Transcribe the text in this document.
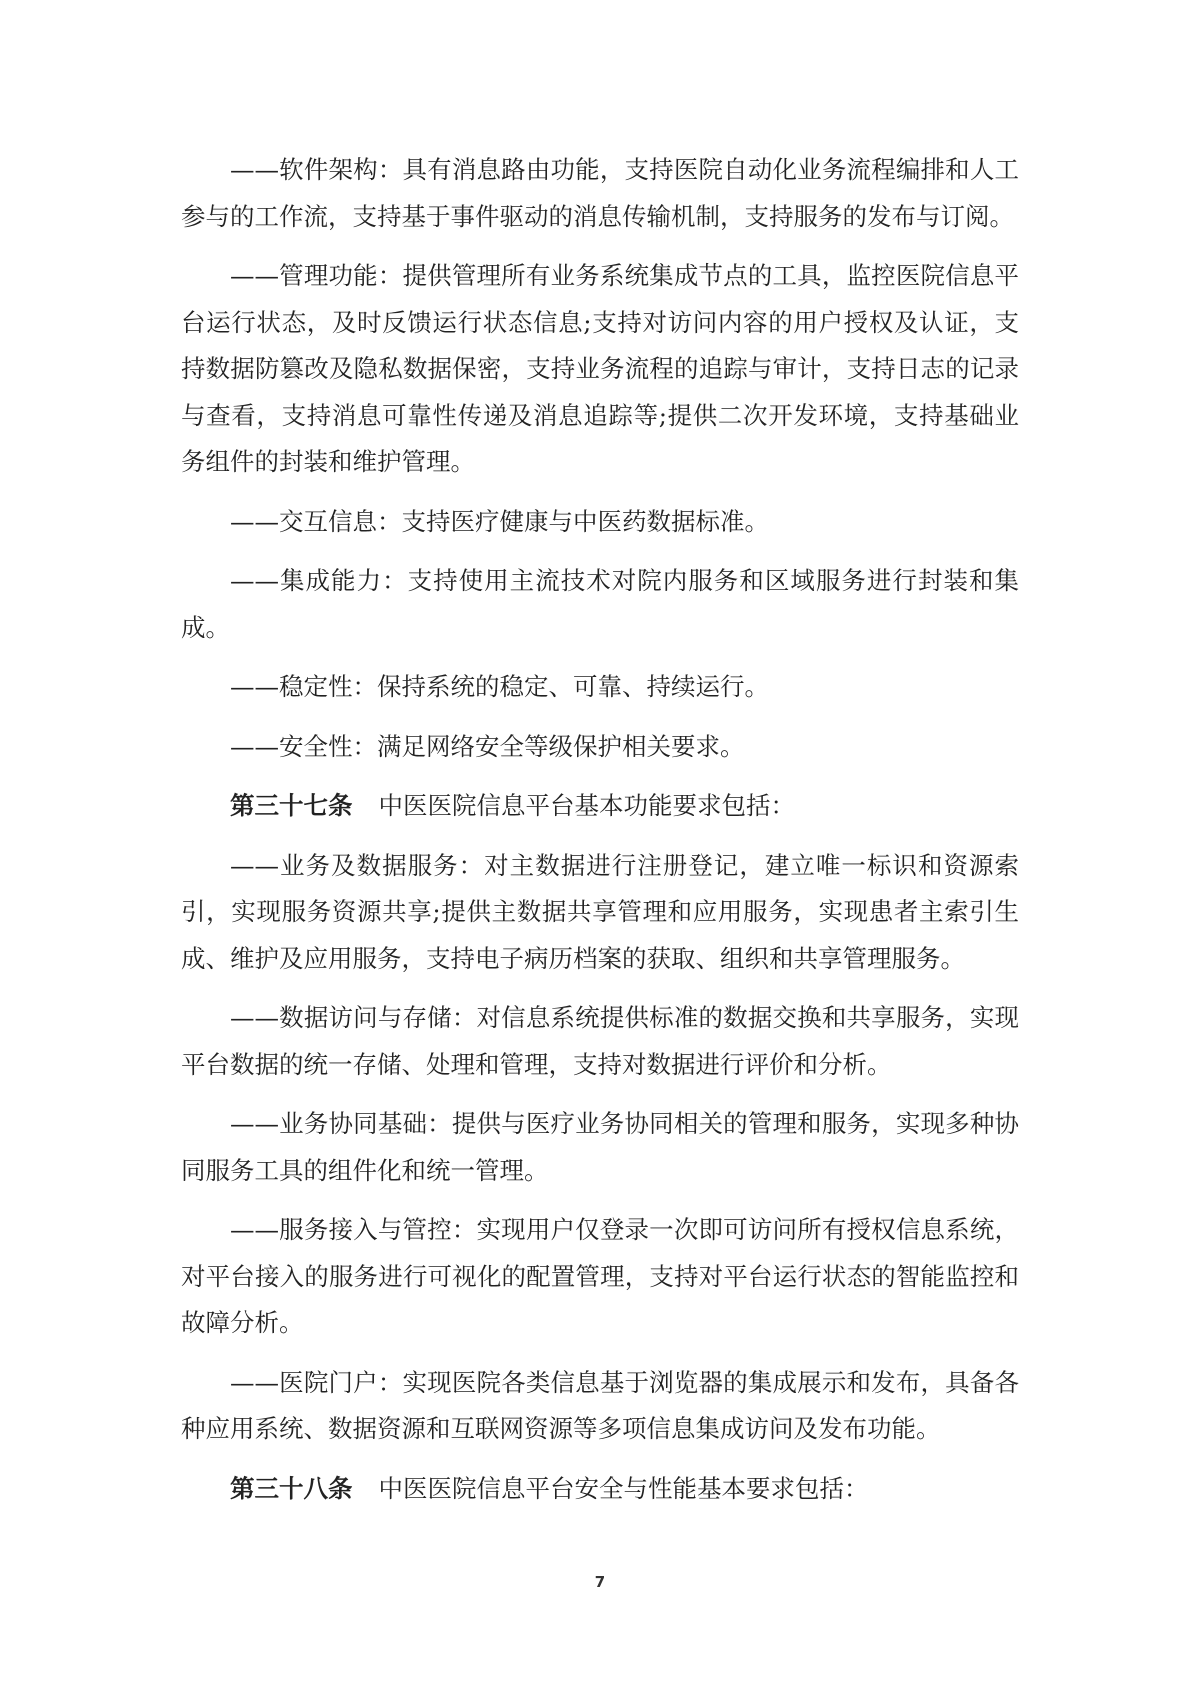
——软件架构：具有消息路由功能，支持医院自动化业务流程编排和人工参与的工作流，支持基于事件驱动的消息传输机制，支持服务的发布与订阅。

——管理功能：提供管理所有业务系统集成节点的工具，监控医院信息平台运行状态，及时反馈运行状态信息;支持对访问内容的用户授权及认证，支持数据防篡改及隐私数据保密，支持业务流程的追踪与审计，支持日志的记录与查看，支持消息可靠性传递及消息追踪等;提供二次开发环境，支持基础业务组件的封装和维护管理。

——交互信息：支持医疗健康与中医药数据标准。

——集成能力：支持使用主流技术对院内服务和区域服务进行封装和集成。

——稳定性：保持系统的稳定、可靠、持续运行。

——安全性：满足网络安全等级保护相关要求。

第三十七条 中医医院信息平台基本功能要求包括：

——业务及数据服务：对主数据进行注册登记，建立唯一标识和资源索引，实现服务资源共享;提供主数据共享管理和应用服务，实现患者主索引生成、维护及应用服务，支持电子病历档案的获取、组织和共享管理服务。

——数据访问与存储：对信息系统提供标准的数据交换和共享服务，实现平台数据的统一存储、处理和管理，支持对数据进行评价和分析。

——业务协同基础：提供与医疗业务协同相关的管理和服务，实现多种协同服务工具的组件化和统一管理。

——服务接入与管控：实现用户仅登录一次即可访问所有授权信息系统，对平台接入的服务进行可视化的配置管理，支持对平台运行状态的智能监控和故障分析。

——医院门户：实现医院各类信息基于浏览器的集成展示和发布，具备各种应用系统、数据资源和互联网资源等多项信息集成访问及发布功能。

第三十八条 中医医院信息平台安全与性能基本要求包括：

7
